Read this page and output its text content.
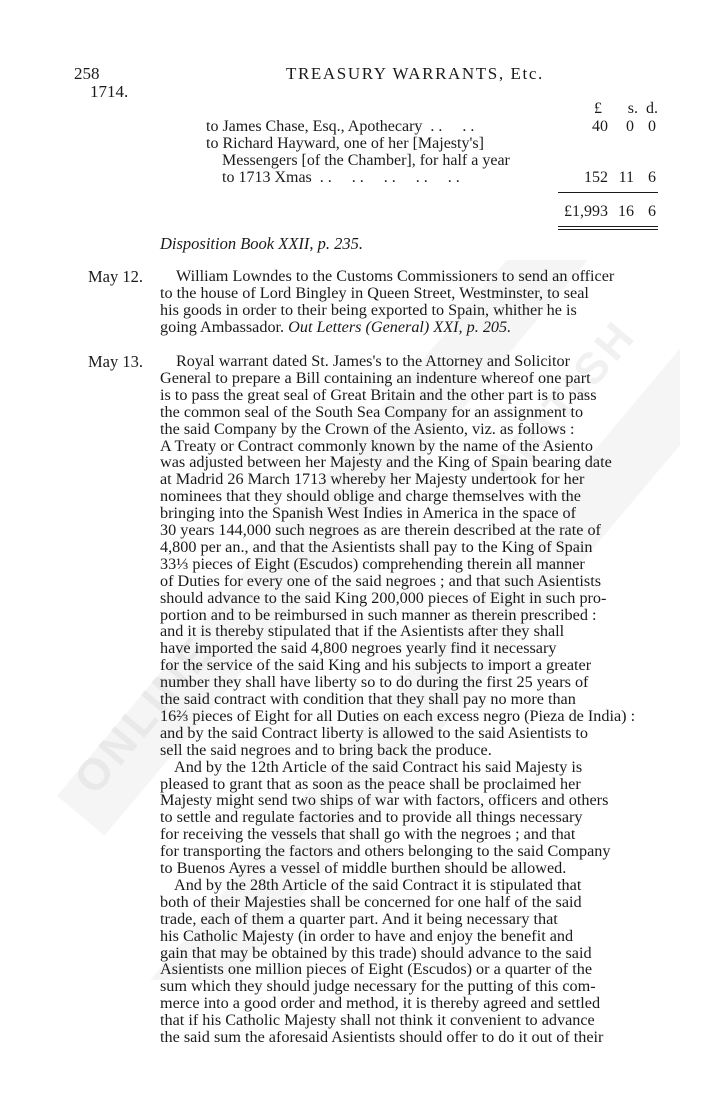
ONLINE
BRITISH
258
1714.
TREASURY WARRANTS, Etc.
£	s. d.
to James Chase, Esq., Apothecary  . .     . .	40	0 0
to Richard Hayward, one of her [Majesty's]
Messengers [of the Chamber], for half a year
to 1713 Xmas  . .     . .     . .     . .     . .	152 11 6
£1,993 16 6
Disposition Book XXII, p. 235.
May 12. William Lowndes to the Customs Commissioners to send an officer
to the house of Lord Bingley in Queen Street, Westminster, to seal
his goods in order to their being exported to Spain, whither he is
going Ambassador. Out Letters (General) XXI, p. 205.
May 13. Royal warrant dated St. James's to the Attorney and Solicitor
General to prepare a Bill containing an indenture whereof one part
is to pass the great seal of Great Britain and the other part is to pass
the common seal of the South Sea Company for an assignment to
the said Company by the Crown of the Asiento, viz. as follows :
A Treaty or Contract commonly known by the name of the Asiento
was adjusted between her Majesty and the King of Spain bearing date
at Madrid 26 March 1713 whereby her Majesty undertook for her
nominees that they should oblige and charge themselves with the
bringing into the Spanish West Indies in America in the space of
30 years 144,000 such negroes as are therein described at the rate of
4,800 per an., and that the Asientists shall pay to the King of Spain
33⅓ pieces of Eight (Escudos) comprehending therein all manner
of Duties for every one of the said negroes ; and that such Asientists
should advance to the said King 200,000 pieces of Eight in such pro-
portion and to be reimbursed in such manner as therein prescribed :
and it is thereby stipulated that if the Asientists after they shall
have imported the said 4,800 negroes yearly find it necessary
for the service of the said King and his subjects to import a greater
number they shall have liberty so to do during the first 25 years of
the said contract with condition that they shall pay no more than
16⅔ pieces of Eight for all Duties on each excess negro (Pieza de India) :
and by the said Contract liberty is allowed to the said Asientists to
sell the said negroes and to bring back the produce.
And by the 12th Article of the said Contract his said Majesty is
pleased to grant that as soon as the peace shall be proclaimed her
Majesty might send two ships of war with factors, officers and others
to settle and regulate factories and to provide all things necessary
for receiving the vessels that shall go with the negroes ; and that
for transporting the factors and others belonging to the said Company
to Buenos Ayres a vessel of middle burthen should be allowed.
And by the 28th Article of the said Contract it is stipulated that
both of their Majesties shall be concerned for one half of the said
trade, each of them a quarter part. And it being necessary that
his Catholic Majesty (in order to have and enjoy the benefit and
gain that may be obtained by this trade) should advance to the said
Asientists one million pieces of Eight (Escudos) or a quarter of the
sum which they should judge necessary for the putting of this com-
merce into a good order and method, it is thereby agreed and settled
that if his Catholic Majesty shall not think it convenient to advance
the said sum the aforesaid Asientists should offer to do it out of their
